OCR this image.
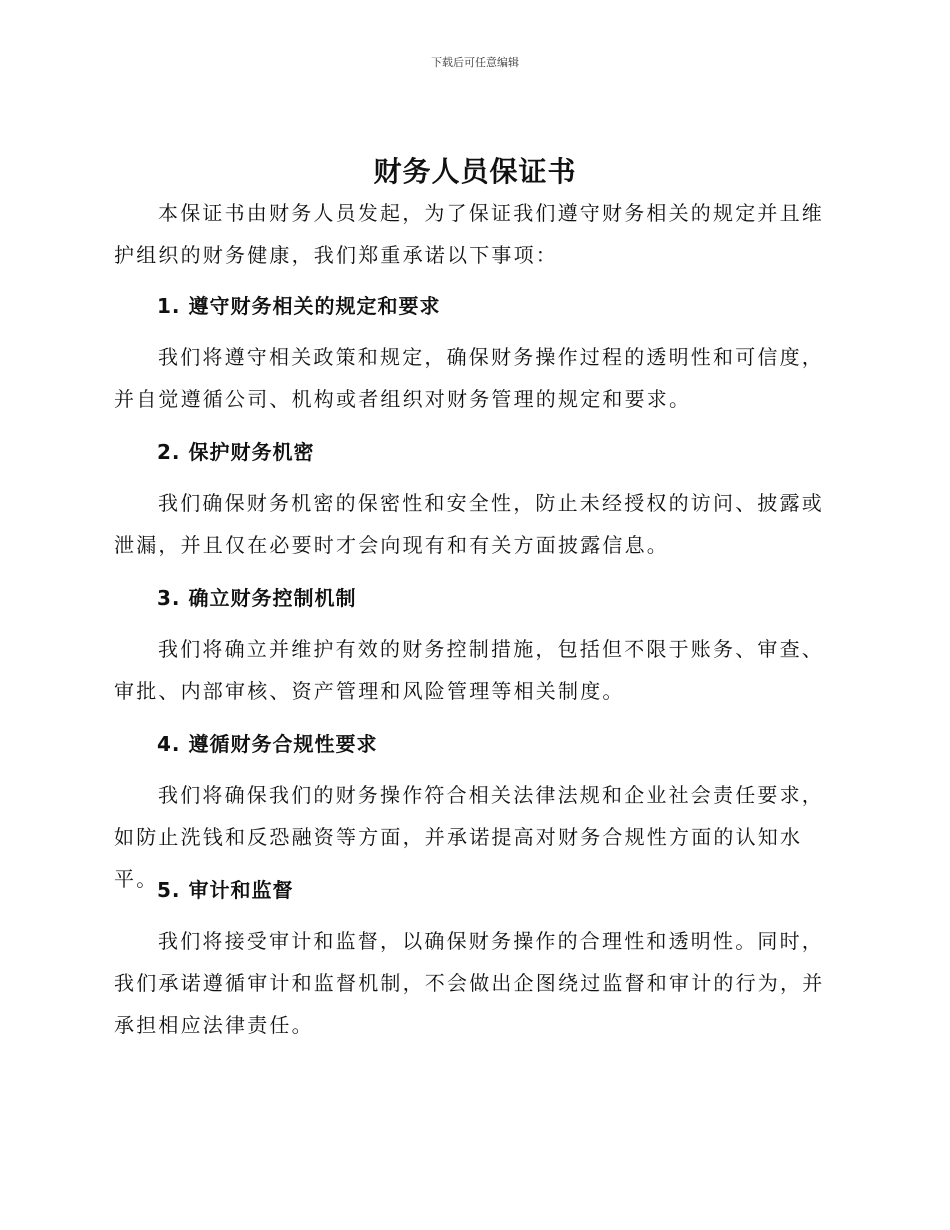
下载后可任意编辑
财务人员保证书
本保证书由财务人员发起，为了保证我们遵守财务相关的规定并且维护组织的财务健康，我们郑重承诺以下事项：
1. 遵守财务相关的规定和要求
我们将遵守相关政策和规定，确保财务操作过程的透明性和可信度，并自觉遵循公司、机构或者组织对财务管理的规定和要求。
2. 保护财务机密
我们确保财务机密的保密性和安全性，防止未经授权的访问、披露或泄漏，并且仅在必要时才会向现有和有关方面披露信息。
3. 确立财务控制机制
我们将确立并维护有效的财务控制措施，包括但不限于账务、审查、审批、内部审核、资产管理和风险管理等相关制度。
4. 遵循财务合规性要求
我们将确保我们的财务操作符合相关法律法规和企业社会责任要求，如防止洗钱和反恐融资等方面，并承诺提高对财务合规性方面的认知水平。
5. 审计和监督
我们将接受审计和监督，以确保财务操作的合理性和透明性。同时，我们承诺遵循审计和监督机制，不会做出企图绕过监督和审计的行为，并承担相应法律责任。
